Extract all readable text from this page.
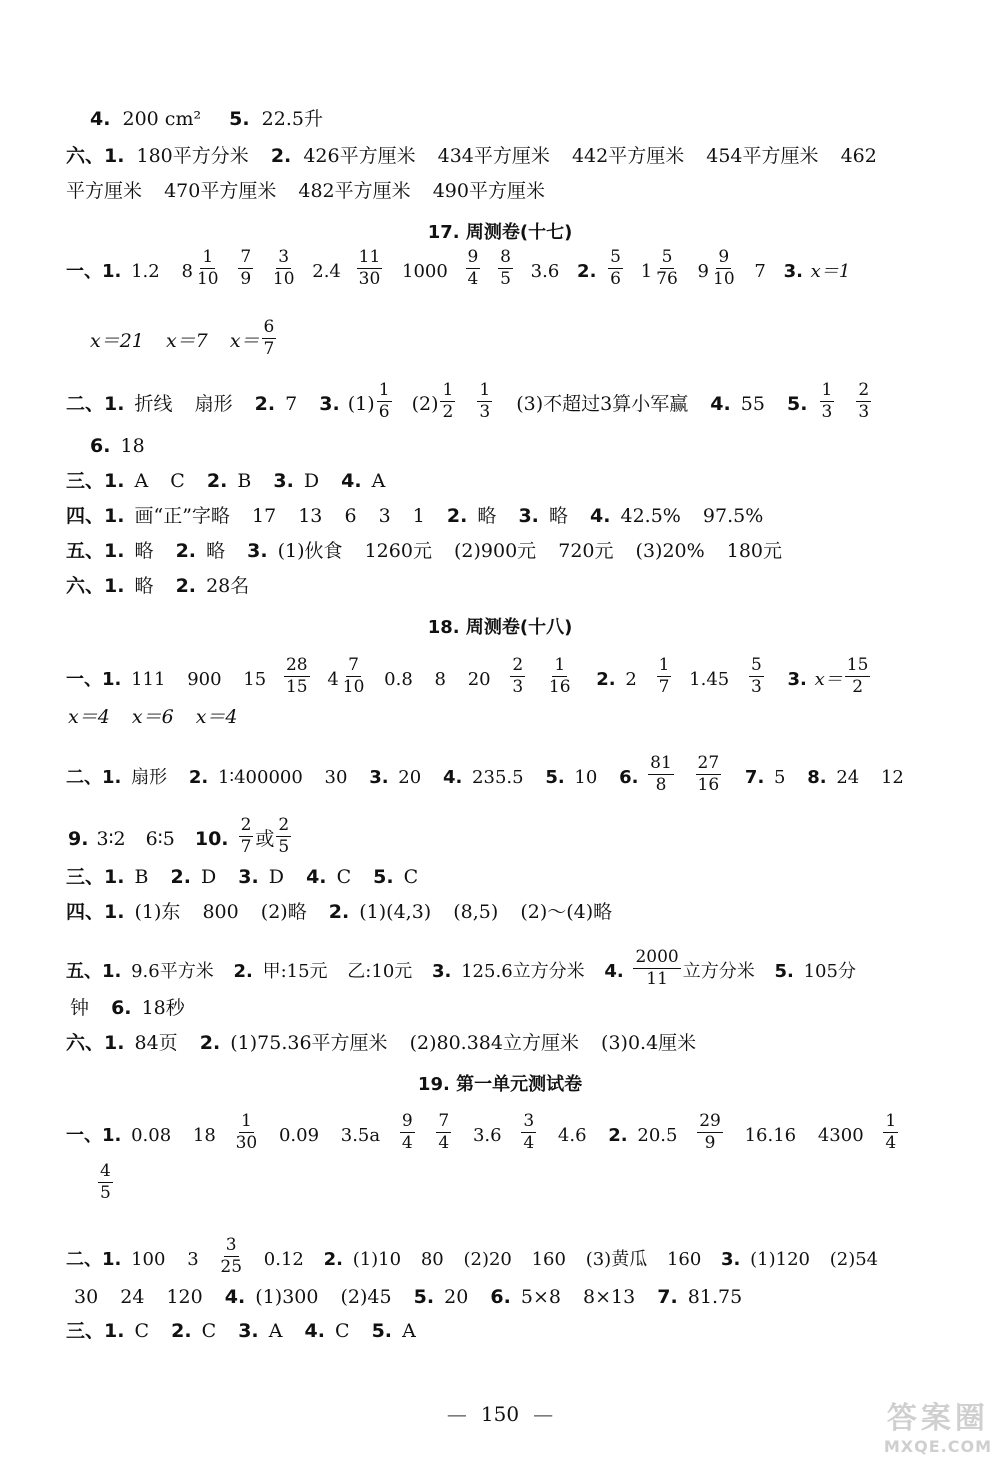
4. 200 cm² 5. 22.5升
六、1. 180平方分米 2. 426平方厘米 434平方厘米 442平方厘米 454平方厘米 462
平方厘米 470平方厘米 482平方厘米 490平方厘米
17. 周测卷(十七)
一、1. 1.2 $8 \frac{1}{10}$
$\frac{7}{9}$
$\frac{3}{10} 2.4 \frac{11}{30} 1000 \frac{9}{4}$
$\frac{8}{5} 3.6$ 2. $\frac{5}{6} 1 \frac{5}{76} 9 \frac{9}{10} 7$ 3. x＝1
x＝21 x＝7 $x= \frac{6}{7}$
二、1. 折线 扇形 2. 7 3. $(1) \frac{1}{6} (2) \frac{1}{2}$
$\frac{1}{3} (3)$不超过3算小军赢 4. 55 5. $\frac{1}{3}$
$\frac{2}{3}$
6. 18
三、1. A C 2. B 3. D 4. A
四、1. 画“正”字略 17 13 6 3 1 2. 略 3. 略 4. 42.5% 97.5%
五、1. 略 2. 略 3. (1)伙食 1260元 (2)900元 720元 (3)20% 180元
六、1. 略 2. 28名
18. 周测卷(十八)
一、1. 111 900 $15 \frac{28}{15} 4 \frac{7}{10} 0.8$ 8 $20 \frac{2}{3}$
$\frac{1}{16} 2$. $2 \frac{1}{7} 1.45 \frac{5}{3} 3$. $x= \frac{15}{2}$
x＝4 x＝6 x＝4
二、1. 扇形 2. 1∶400000 30 3. 20 4. 235.5 5. 10 6. $\frac{81}{8}$
$\frac{27}{16} 7$. 5 8. 24 12
9. 3∶2 6∶5 10. $\frac{2}{7}$ 或 $\frac{2}{5}$
三、1. B 2. D 3. D 4. C 5. C
四、1. (1)东 800 (2)略 2. (1)(4,3) (8,5) (2)～(4)略
五、1. 9.6平方米 2. 甲:15元 乙:10元 3. 125.6立方分米 4. $\frac{2000}{11}$ 立方分米 5. 105分
钟 6. 18秒
六、1. 84页 2. (1)75.36平方厘米 (2)80.384立方厘米 (3)0.4厘米
19. 第一单元测试卷
一、1. 0.08 $18 \frac{1}{30} 0.09$ $3.5a \frac{9}{4}$
$\frac{7}{4} 3.6 \frac{3}{4} 4.6$ 2. $20.5 \frac{29}{9} 16.16$ $4300 \frac{1}{4}$
$\frac{4}{5}$
二、1. 100 $3 \frac{3}{25} 0.12$ 2. (1)10 80 (2)20 160 (3)黄瓜 160 3. (1)120 (2)54
30 24 120 4. (1)300 (2)45 5. 20 6. 5×8 8×13 7. 81.75
三、1. C 2. C 3. A 4. C 5. A
— 150 —	答案圈
MXQE.COM
